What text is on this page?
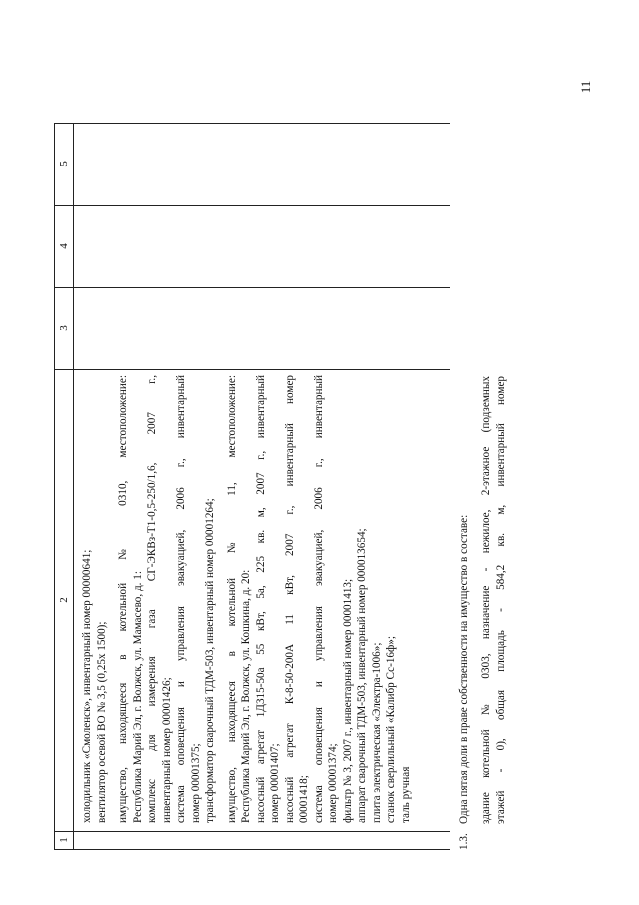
11
1
2
3
4
5
холодильник «Смоленск», инвентарный номер 00000641; вентилятор осевой ВО № 3,5 (0,25х 1500); имущество, находящееся в котельной № 0310, местоположение: Республика Марий Эл, г. Волжск, ул. Мамасево, д. 1: комплекс для измерения газа СГ-ЭКВз-Т1-0,5-250/1,6, 2007 г., инвентарный номер 00001426; система оповещения и управления эвакуацией, 2006 г., инвентарный номер 00001375; трансформатор сварочный ТДМ-503, инвентарный номер 00001264; имущество, находящееся в котельной № 11, местоположение: Республика Марий Эл, г. Волжск, ул. Кошкина, д. 20: насосный агрегат 1Д315-50а 55 кВт, 5а, 225 кв. м, 2007 г., инвентарный номер 00001407; насосный агрегат К-8-50-200А 11 кВт, 2007 г., инвентарный номер 00001418; система оповещения и управления эвакуацией, 2006 г., инвентарный номер 00001374; фильтр № 3, 2007 г., инвентарный номер 00001413; аппарат сварочный ТДМ-503, инвентарный номер 000013654; плита электрическая «Электра-1006»; станок сверлильный «Калибр Сс-16ф»; таль ручная
1.3.
Одна пятая доли в праве собственности на имущество в составе: здание котельной № 0303, назначение - нежилое, 2-этажное (подземных этажей - 0), общая площадь - 584,2 кв. м, инвентарный номер
